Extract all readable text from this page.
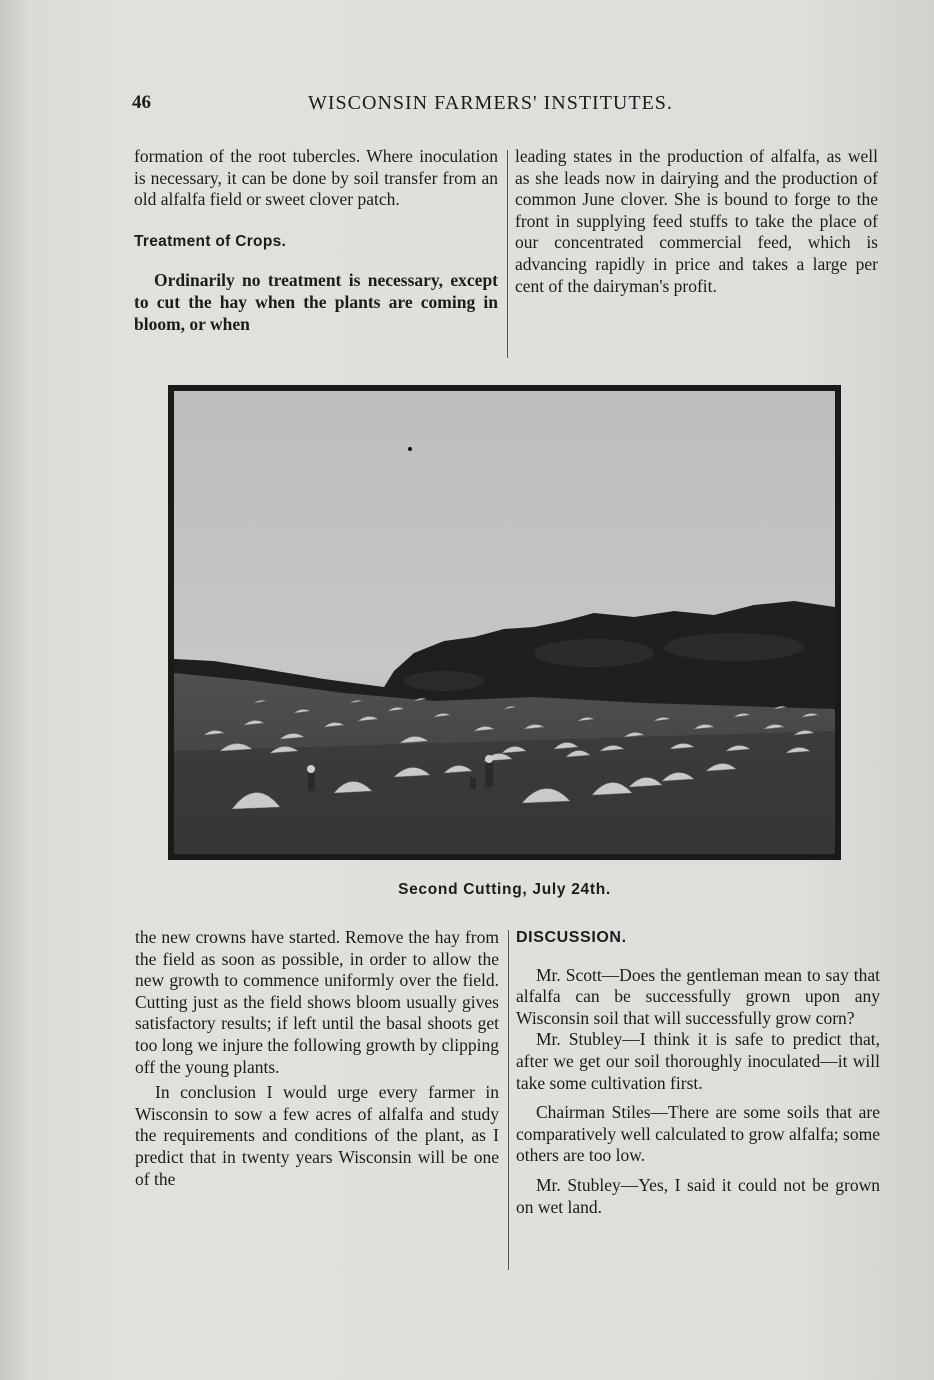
46	WISCONSIN FARMERS' INSTITUTES.

formation of the root tubercles. Where inoculation is necessary, it can be done by soil transfer from an old alfalfa field or sweet clover patch.

Treatment of Crops.

Ordinarily no treatment is necessary, except to cut the hay when the plants are coming in bloom, or when

leading states in the production of alfalfa, as well as she leads now in dairying and the production of common June clover. She is bound to forge to the front in supplying feed stuffs to take the place of our concentrated commercial feed, which is advancing rapidly in price and takes a large per cent of the dairyman's profit.

Second Cutting, July 24th.

the new crowns have started. Remove the hay from the field as soon as possible, in order to allow the new growth to commence uniformly over the field. Cutting just as the field shows bloom usually gives satisfactory results; if left until the basal shoots get too long we injure the following growth by clipping off the young plants.

In conclusion I would urge every farmer in Wisconsin to sow a few acres of alfalfa and study the requirements and conditions of the plant, as I predict that in twenty years Wisconsin will be one of the

DISCUSSION.

Mr. Scott—Does the gentleman mean to say that alfalfa can be successfully grown upon any Wisconsin soil that will successfully grow corn?

Mr. Stubley—I think it is safe to predict that, after we get our soil thoroughly inoculated—it will take some cultivation first.

Chairman Stiles—There are some soils that are comparatively well calculated to grow alfalfa; some others are too low.

Mr. Stubley—Yes, I said it could not be grown on wet land.
